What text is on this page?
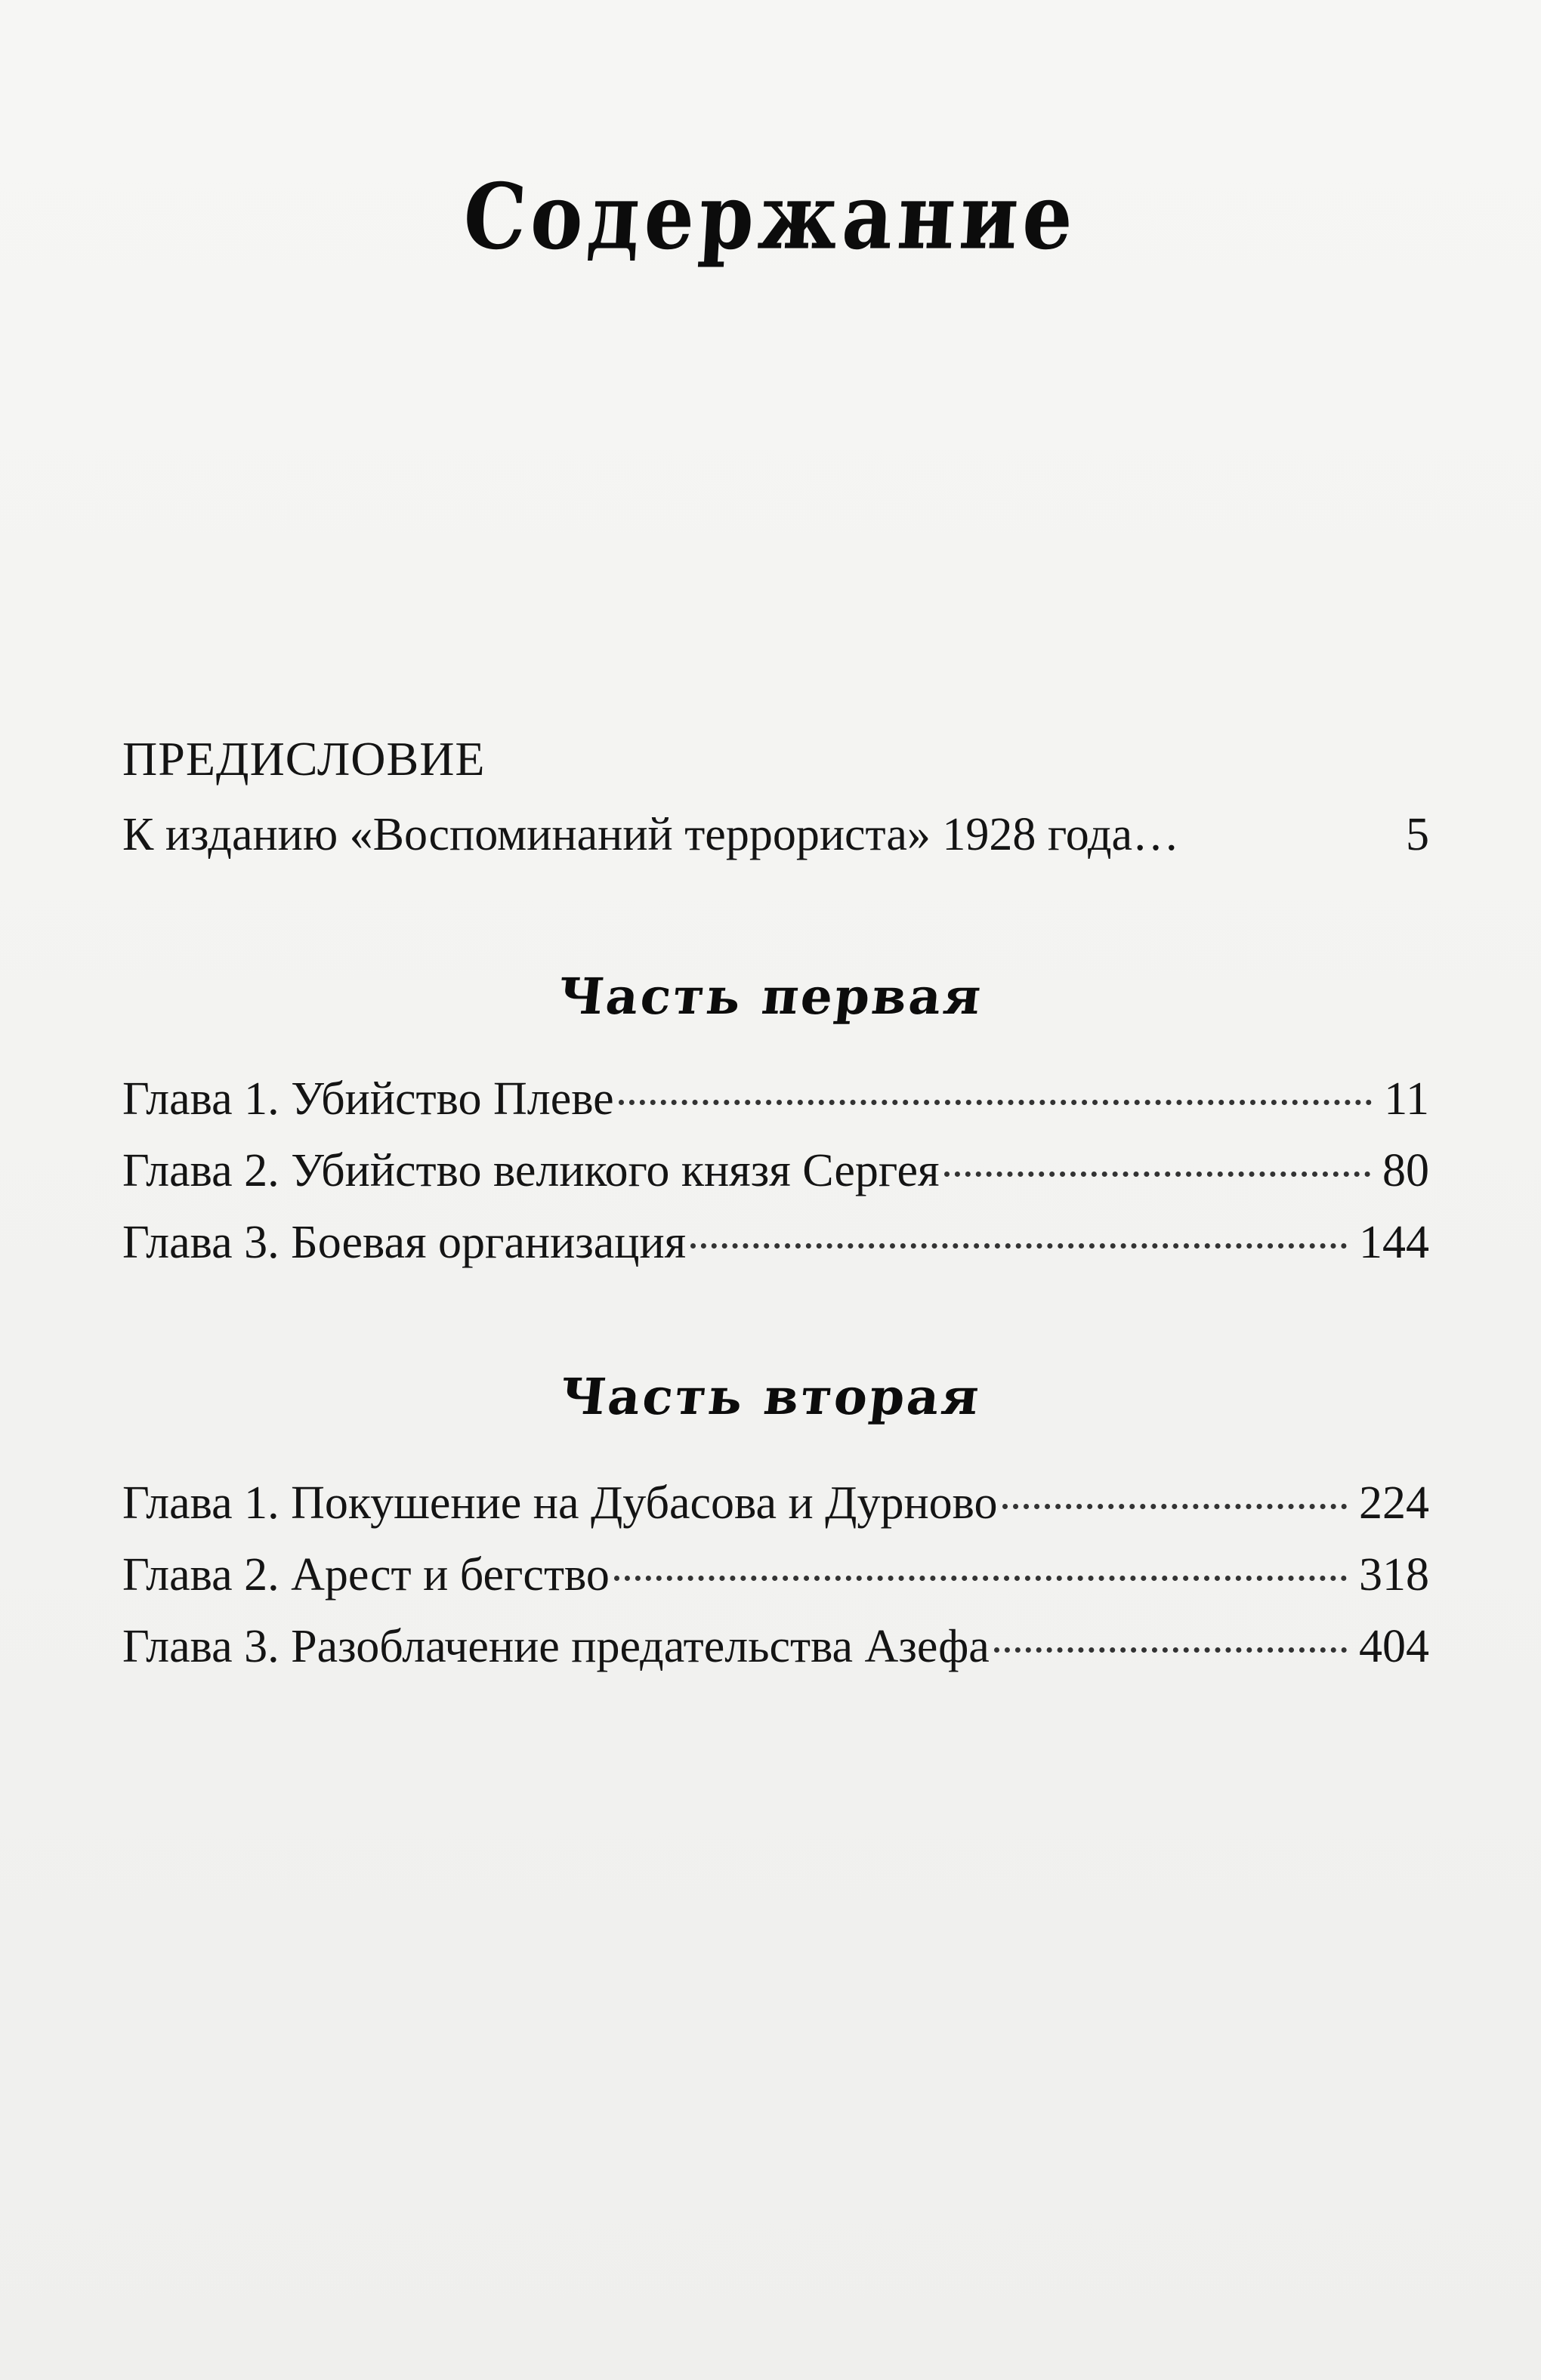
Содержание
ПРЕДИСЛОВИЕ
К изданию «Воспоминаний террориста» 1928 года…	5
Часть первая
Глава 1. Убийство Плеве	11
Глава 2. Убийство великого князя Сергея	80
Глава 3. Боевая организация	144
Часть вторая
Глава 1. Покушение на Дубасова и Дурново	224
Глава 2. Арест и бегство	318
Глава 3. Разоблачение предательства Азефа	404
